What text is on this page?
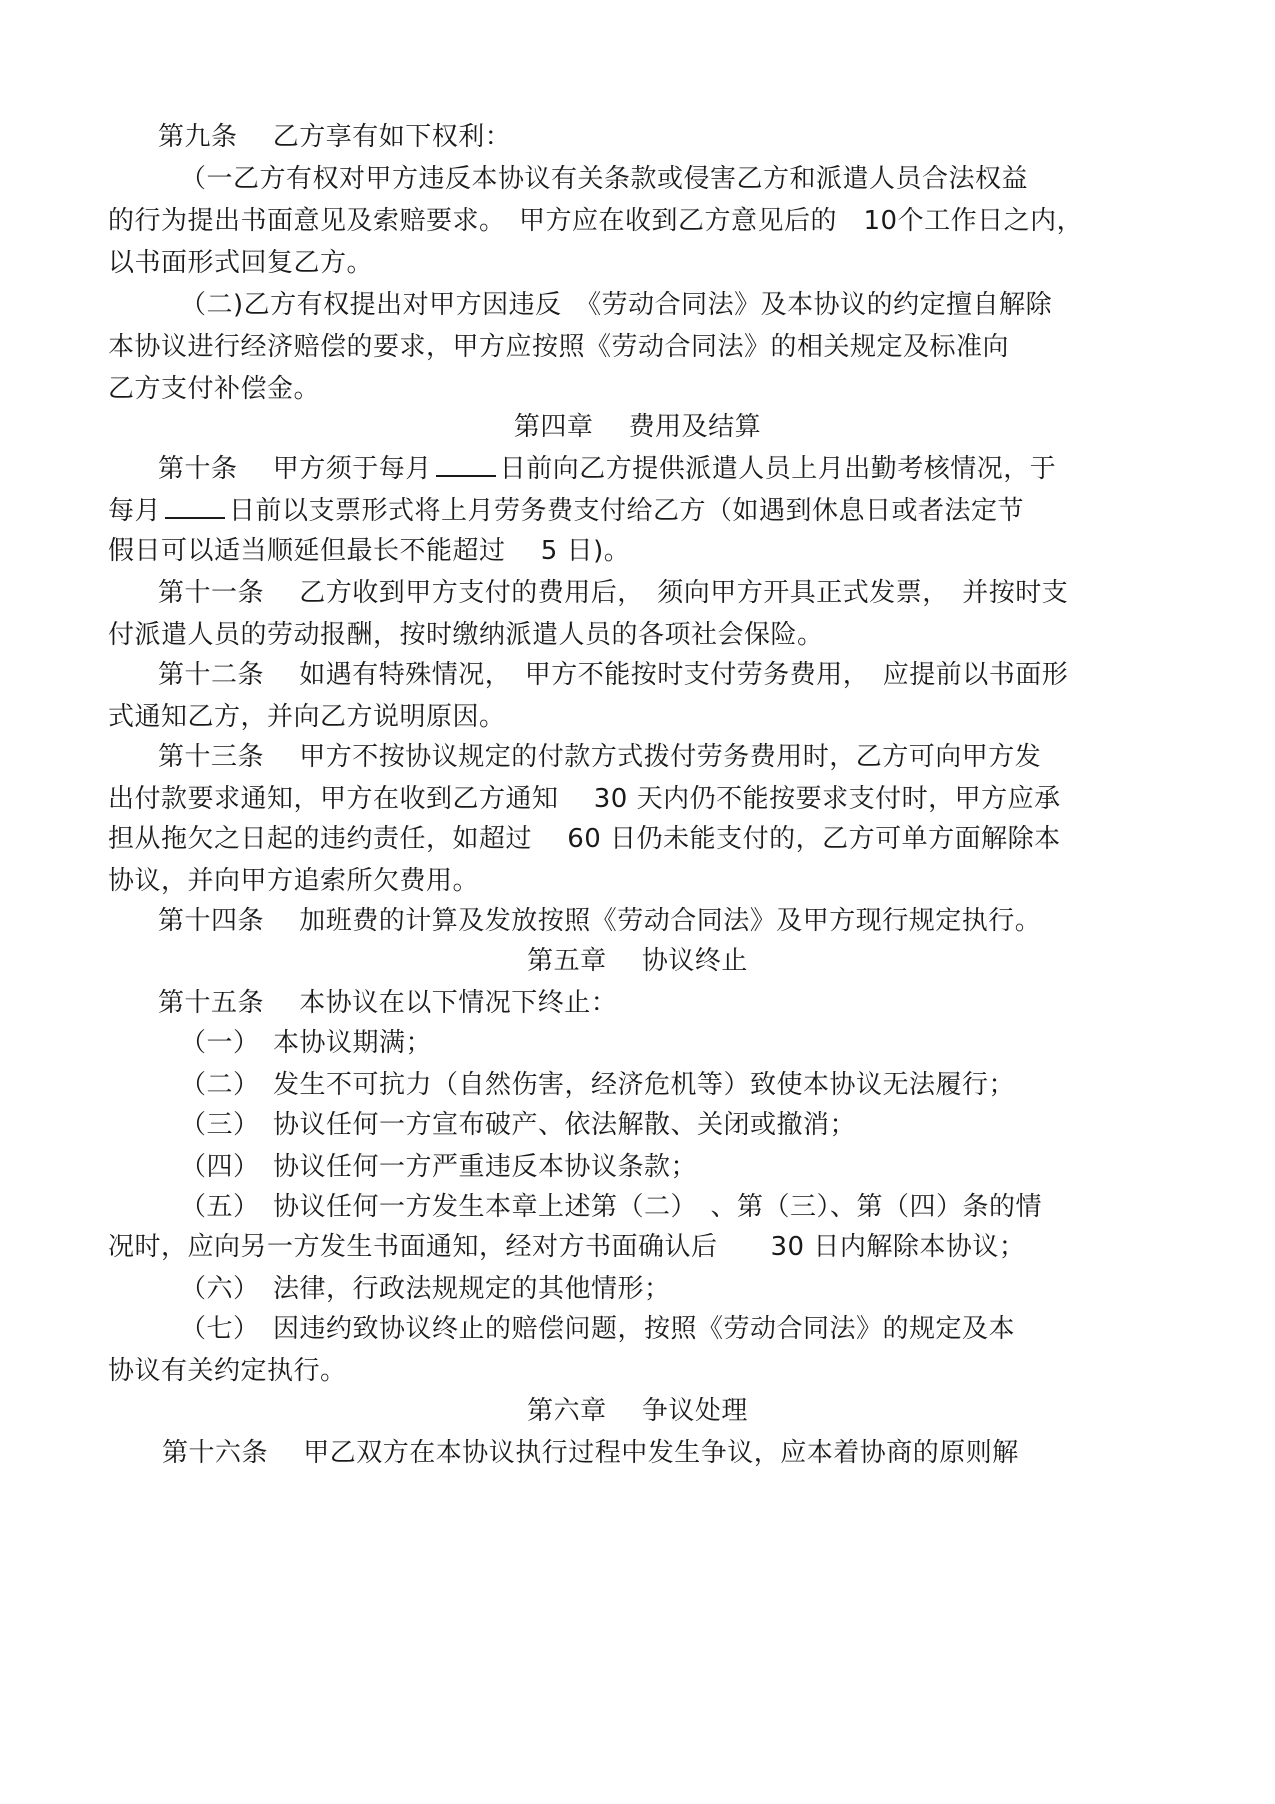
第九条　 乙方享有如下权利：
（一乙方有权对甲方违反本协议有关条款或侵害乙方和派遣人员合法权益
的行为提出书面意见及索赔要求。　甲方应在收到乙方意见后的　10个工作日之内，
以书面形式回复乙方。
（二)乙方有权提出对甲方因违反　《劳动合同法》及本协议的约定擅自解除
本协议进行经济赔偿的要求，甲方应按照《劳动合同法》的相关规定及标准向
乙方支付补偿金。
第四章　 费用及结算
第十条　 甲方须于每月	日前向乙方提供派遣人员上月出勤考核情况，于
每月	日前以支票形式将上月劳务费支付给乙方（如遇到休息日或者法定节
假日可以适当顺延但最长不能超过　 5 日)。
第十一条　 乙方收到甲方支付的费用后，　须向甲方开具正式发票，　并按时支
付派遣人员的劳动报酬，按时缴纳派遣人员的各项社会保险。
第十二条　 如遇有特殊情况，　甲方不能按时支付劳务费用，　应提前以书面形
式通知乙方，并向乙方说明原因。
第十三条　 甲方不按协议规定的付款方式拨付劳务费用时，乙方可向甲方发
出付款要求通知，甲方在收到乙方通知　 30 天内仍不能按要求支付时，甲方应承
担从拖欠之日起的违约责任，如超过　 60 日仍未能支付的，乙方可单方面解除本
协议，并向甲方追索所欠费用。
第十四条　 加班费的计算及发放按照《劳动合同法》及甲方现行规定执行。
第五章　 协议终止
第十五条　 本协议在以下情况下终止：
（一）　本协议期满；
（二）　发生不可抗力（自然伤害，经济危机等）致使本协议无法履行；
（三）　协议任何一方宣布破产、依法解散、关闭或撤消；
（四）　协议任何一方严重违反本协议条款；
（五）　协议任何一方发生本章上述第（二）　、第（三）、第（四）条的情
况时，应向另一方发生书面通知，经对方书面确认后　　30 日内解除本协议；
（六）　法律，行政法规规定的其他情形；
（七）　因违约致协议终止的赔偿问题，按照《劳动合同法》的规定及本
协议有关约定执行。
第六章　 争议处理
第十六条　 甲乙双方在本协议执行过程中发生争议，应本着协商的原则解
